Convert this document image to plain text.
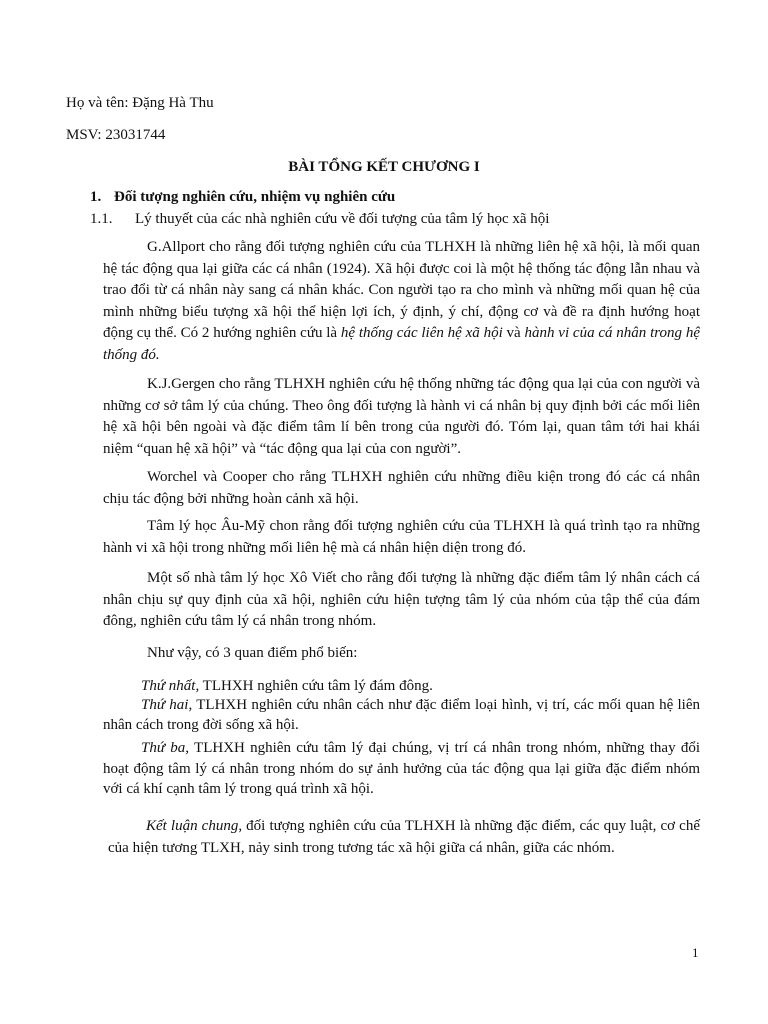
Họ và tên: Đặng Hà Thu
MSV: 23031744
BÀI TỔNG KẾT CHƯƠNG I
1. Đối tượng nghiên cứu, nhiệm vụ nghiên cứu
1.1. Lý thuyết của các nhà nghiên cứu về đối tượng của tâm lý học xã hội
G.Allport cho rằng đối tượng nghiên cứu của TLHXH là những liên hệ xã hội, là mối quan hệ tác động qua lại giữa các cá nhân (1924). Xã hội được coi là một hệ thống tác động lẫn nhau và trao đổi từ cá nhân này sang cá nhân khác. Con người tạo ra cho mình và những mối quan hệ của mình những biểu tượng xã hội thể hiện lợi ích, ý định, ý chí, động cơ và đề ra định hướng hoạt động cụ thể. Có 2 hướng nghiên cứu là hệ thống các liên hệ xã hội và hành vi của cá nhân trong hệ thống đó.
K.J.Gergen cho rằng TLHXH nghiên cứu hệ thống những tác động qua lại của con người và những cơ sở tâm lý của chúng. Theo ông đối tượng là hành vi cá nhân bị quy định bởi các mối liên hệ xã hội bên ngoài và đặc điểm tâm lí bên trong của người đó. Tóm lại, quan tâm tới hai khái niệm “quan hệ xã hội” và “tác động qua lại của con người”.
Worchel và Cooper cho rằng TLHXH nghiên cứu những điều kiện trong đó các cá nhân chịu tác động bởi những hoàn cảnh xã hội.
Tâm lý học Âu-Mỹ chon rằng đối tượng nghiên cứu của TLHXH là quá trình tạo ra những hành vi xã hội trong những mối liên hệ mà cá nhân hiện diện trong đó.
Một số nhà tâm lý học Xô Viết cho rằng đối tượng là những đặc điểm tâm lý nhân cách cá nhân chịu sự quy định của xã hội, nghiên cứu hiện tượng tâm lý của nhóm của tập thể của đám đông, nghiên cứu tâm lý cá nhân trong nhóm.
Như vậy, có 3 quan điểm phổ biến:
Thứ nhất, TLHXH nghiên cứu tâm lý đám đông.
Thứ hai, TLHXH nghiên cứu nhân cách như đặc điểm loại hình, vị trí, các mối quan hệ liên nhân cách trong đời sống xã hội.
Thứ ba, TLHXH nghiên cứu tâm lý đại chúng, vị trí cá nhân trong nhóm, những thay đổi hoạt động tâm lý cá nhân trong nhóm do sự ảnh hưởng của tác động qua lại giữa đặc điểm nhóm với cá khí cạnh tâm lý trong quá trình xã hội.
Kết luận chung, đối tượng nghiên cứu của TLHXH là những đặc điểm, các quy luật, cơ chế của hiện tương TLXH, nảy sinh trong tương tác xã hội giữa cá nhân, giữa các nhóm.
1
